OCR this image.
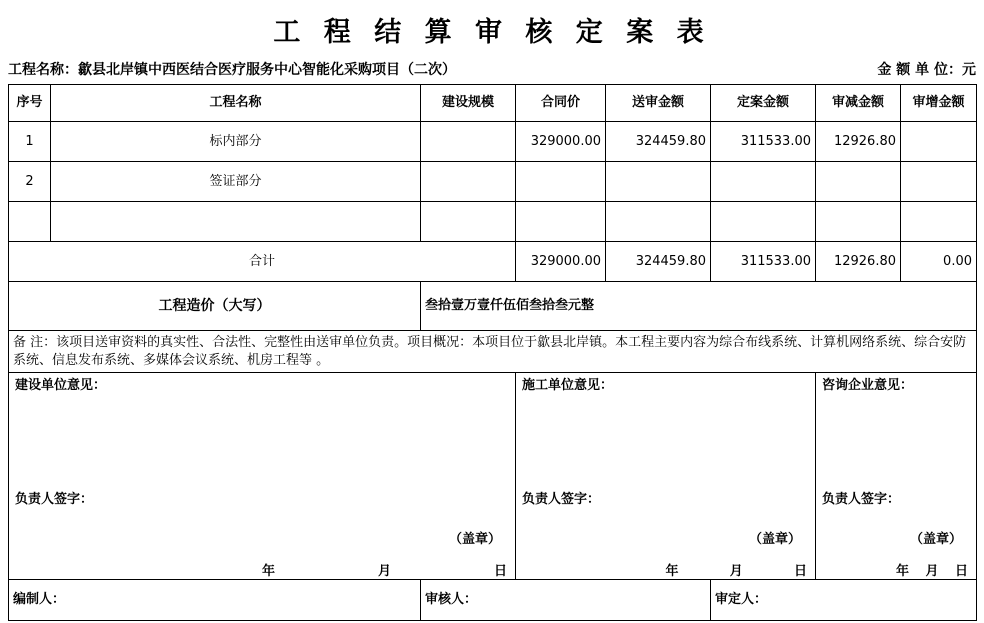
工 程 结 算 审 核 定 案 表
工程名称：歙县北岸镇中西医结合医疗服务中心智能化采购项目（二次）	金 额 单 位：元
序号	工程名称	建设规模	合同价	送审金额	定案金额	审减金额	审增金额
1	标内部分		329000.00	324459.80	311533.00	12926.80	
2	签证部分						

合计			329000.00	324459.80	311533.00	12926.80	0.00
工程造价（大写）		叁拾壹万壹仟伍佰叁拾叁元整					
备 注：该项目送审资料的真实性、合法性、完整性由送审单位负责。项目概况：本项目位于歙县北岸镇。本工程主要内容为综合布线系统、计算机网络系统、综合安防系统、信息发布系统、多媒体会议系统、机房工程等 。							

建设单位意见：
负责人签字：
（盖章）
年	月	日

施工单位意见：
负责人签字：
（盖章）
年	月	日

咨询企业意见：
负责人签字：
（盖章）
年 月 日

编制人：		审核人：			审定人：		
